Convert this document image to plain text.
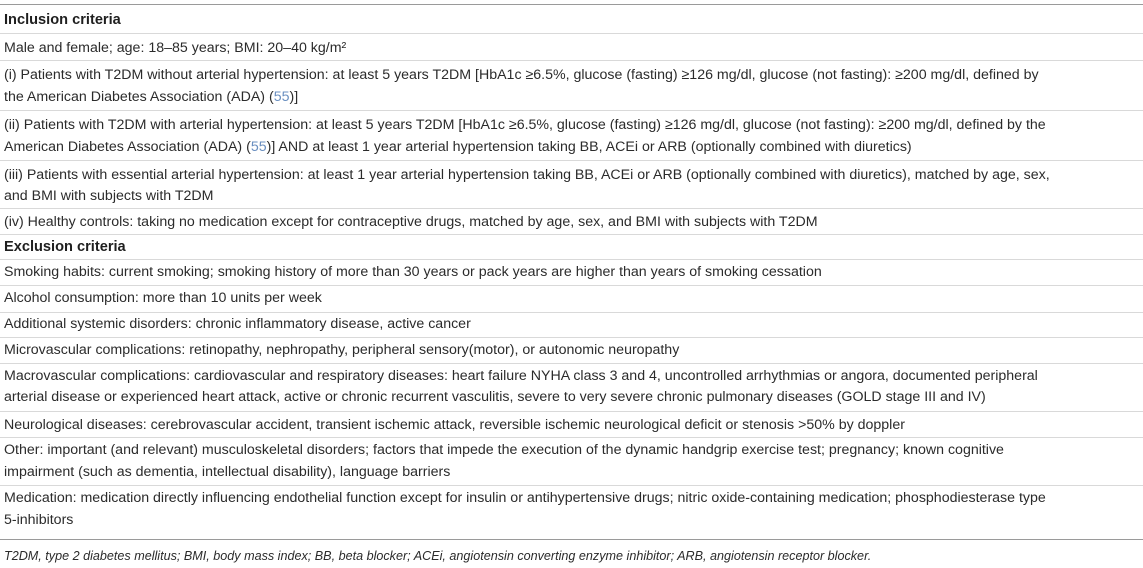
Inclusion criteria
Male and female; age: 18–85 years; BMI: 20–40 kg/m²
(i) Patients with T2DM without arterial hypertension: at least 5 years T2DM [HbA1c ≥6.5%, glucose (fasting) ≥126 mg/dl, glucose (not fasting): ≥200 mg/dl, defined by
the American Diabetes Association (ADA) (55)]
(ii) Patients with T2DM with arterial hypertension: at least 5 years T2DM [HbA1c ≥6.5%, glucose (fasting) ≥126 mg/dl, glucose (not fasting): ≥200 mg/dl, defined by the
American Diabetes Association (ADA) (55)] AND at least 1 year arterial hypertension taking BB, ACEi or ARB (optionally combined with diuretics)
(iii) Patients with essential arterial hypertension: at least 1 year arterial hypertension taking BB, ACEi or ARB (optionally combined with diuretics), matched by age, sex,
and BMI with subjects with T2DM
(iv) Healthy controls: taking no medication except for contraceptive drugs, matched by age, sex, and BMI with subjects with T2DM
Exclusion criteria
Smoking habits: current smoking; smoking history of more than 30 years or pack years are higher than years of smoking cessation
Alcohol consumption: more than 10 units per week
Additional systemic disorders: chronic inflammatory disease, active cancer
Microvascular complications: retinopathy, nephropathy, peripheral sensory(motor), or autonomic neuropathy
Macrovascular complications: cardiovascular and respiratory diseases: heart failure NYHA class 3 and 4, uncontrolled arrhythmias or angora, documented peripheral
arterial disease or experienced heart attack, active or chronic recurrent vasculitis, severe to very severe chronic pulmonary diseases (GOLD stage III and IV)
Neurological diseases: cerebrovascular accident, transient ischemic attack, reversible ischemic neurological deficit or stenosis >50% by doppler
Other: important (and relevant) musculoskeletal disorders; factors that impede the execution of the dynamic handgrip exercise test; pregnancy; known cognitive
impairment (such as dementia, intellectual disability), language barriers
Medication: medication directly influencing endothelial function except for insulin or antihypertensive drugs; nitric oxide-containing medication; phosphodiesterase type
5-inhibitors
T2DM, type 2 diabetes mellitus; BMI, body mass index; BB, beta blocker; ACEi, angiotensin converting enzyme inhibitor; ARB, angiotensin receptor blocker.
